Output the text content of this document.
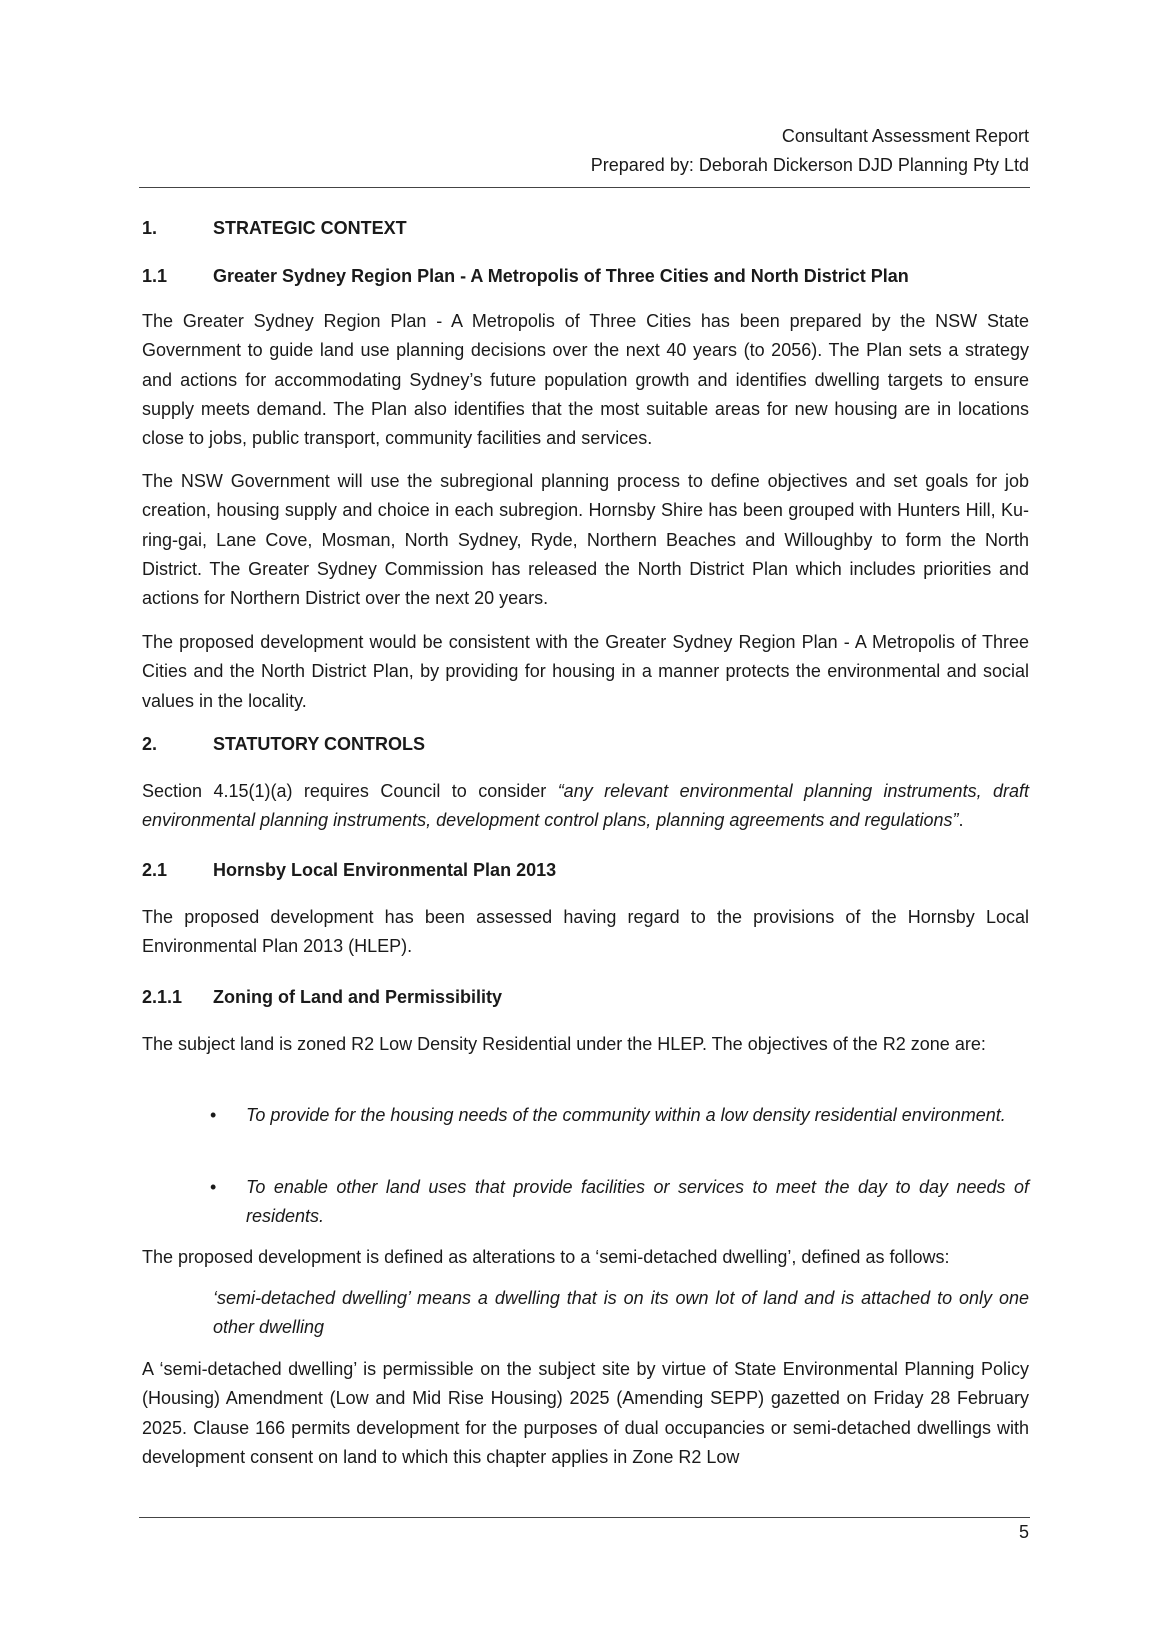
Consultant Assessment Report
Prepared by: Deborah Dickerson DJD Planning Pty Ltd
1.	STRATEGIC CONTEXT
1.1	Greater Sydney Region Plan - A Metropolis of Three Cities and North District Plan
The Greater Sydney Region Plan - A Metropolis of Three Cities has been prepared by the NSW State Government to guide land use planning decisions over the next 40 years (to 2056). The Plan sets a strategy and actions for accommodating Sydney’s future population growth and identifies dwelling targets to ensure supply meets demand. The Plan also identifies that the most suitable areas for new housing are in locations close to jobs, public transport, community facilities and services.
The NSW Government will use the subregional planning process to define objectives and set goals for job creation, housing supply and choice in each subregion. Hornsby Shire has been grouped with Hunters Hill, Ku-ring-gai, Lane Cove, Mosman, North Sydney, Ryde, Northern Beaches and Willoughby to form the North District. The Greater Sydney Commission has released the North District Plan which includes priorities and actions for Northern District over the next 20 years.
The proposed development would be consistent with the Greater Sydney Region Plan - A Metropolis of Three Cities and the North District Plan, by providing for housing in a manner protects the environmental and social values in the locality.
2.	STATUTORY CONTROLS
Section 4.15(1)(a) requires Council to consider “any relevant environmental planning instruments, draft environmental planning instruments, development control plans, planning agreements and regulations”.
2.1	Hornsby Local Environmental Plan 2013
The proposed development has been assessed having regard to the provisions of the Hornsby Local Environmental Plan 2013 (HLEP).
2.1.1 Zoning of Land and Permissibility
The subject land is zoned R2 Low Density Residential under the HLEP. The objectives of the R2 zone are:
• To provide for the housing needs of the community within a low density residential environment.
• To enable other land uses that provide facilities or services to meet the day to day needs of residents.
The proposed development is defined as alterations to a ‘semi-detached dwelling’, defined as follows:
‘semi-detached dwelling’ means a dwelling that is on its own lot of land and is attached to only one other dwelling
A ‘semi-detached dwelling’ is permissible on the subject site by virtue of State Environmental Planning Policy (Housing) Amendment (Low and Mid Rise Housing) 2025 (Amending SEPP) gazetted on Friday 28 February 2025. Clause 166 permits development for the purposes of dual occupancies or semi-detached dwellings with development consent on land to which this chapter applies in Zone R2 Low
5
